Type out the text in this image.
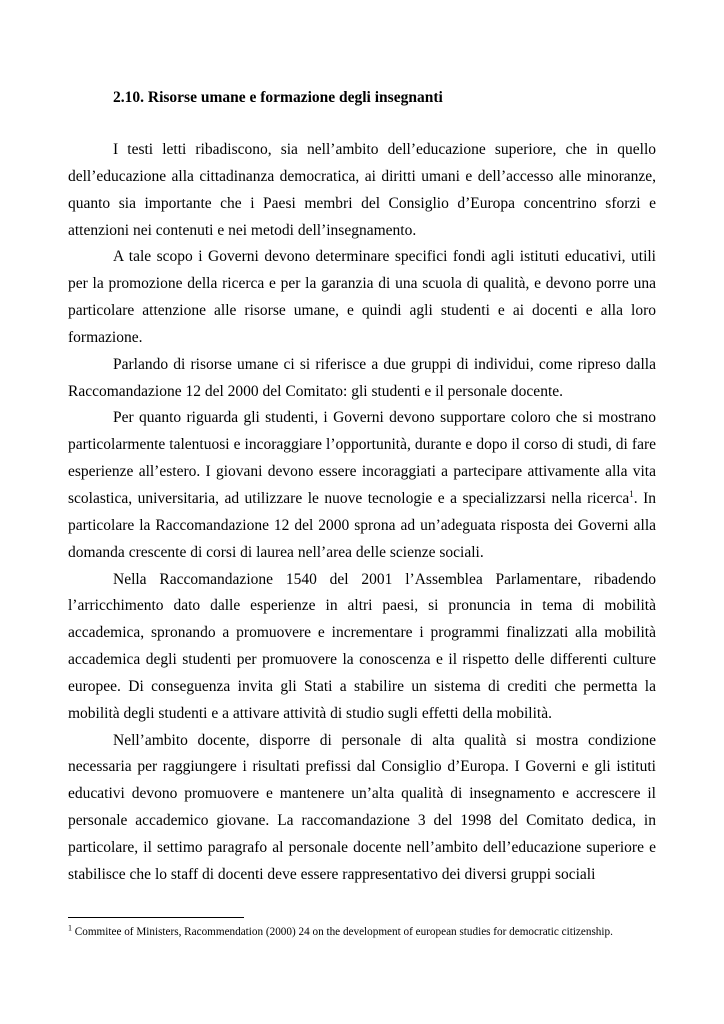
2.10. Risorse umane e formazione degli insegnanti

I testi letti ribadiscono, sia nell’ambito dell’educazione superiore, che in quello dell’educazione alla cittadinanza democratica, ai diritti umani e dell’accesso alle minoranze, quanto sia importante che i Paesi membri del Consiglio d’Europa concentrino sforzi e attenzioni nei contenuti e nei metodi dell’insegnamento.

A tale scopo i Governi devono determinare specifici fondi agli istituti educativi, utili per la promozione della ricerca e per la garanzia di una scuola di qualità, e devono porre una particolare attenzione alle risorse umane, e quindi agli studenti e ai docenti e alla loro formazione.

Parlando di risorse umane ci si riferisce a due gruppi di individui, come ripreso dalla Raccomandazione 12 del 2000 del Comitato: gli studenti e il personale docente.

Per quanto riguarda gli studenti, i Governi devono supportare coloro che si mostrano particolarmente talentuosi e incoraggiare l’opportunità, durante e dopo il corso di studi, di fare esperienze all’estero. I giovani devono essere incoraggiati a partecipare attivamente alla vita scolastica, universitaria, ad utilizzare le nuove tecnologie e a specializzarsi nella ricerca$^1$. In particolare la Raccomandazione 12 del 2000 sprona ad un’adeguata risposta dei Governi alla domanda crescente di corsi di laurea nell’area delle scienze sociali.

Nella Raccomandazione 1540 del 2001 l’Assemblea Parlamentare, ribadendo l’arricchimento dato dalle esperienze in altri paesi, si pronuncia in tema di mobilità accademica, spronando a promuovere e incrementare i programmi finalizzati alla mobilità accademica degli studenti per promuovere la conoscenza e il rispetto delle differenti culture europee. Di conseguenza invita gli Stati a stabilire un sistema di crediti che permetta la mobilità degli studenti e a attivare attività di studio sugli effetti della mobilità.

Nell’ambito docente, disporre di personale di alta qualità si mostra condizione necessaria per raggiungere i risultati prefissi dal Consiglio d’Europa. I Governi e gli istituti educativi devono promuovere e mantenere un’alta qualità di insegnamento e accrescere il personale accademico giovane. La raccomandazione 3 del 1998 del Comitato dedica, in particolare, il settimo paragrafo al personale docente nell’ambito dell’educazione superiore e stabilisce che lo staff di docenti deve essere rappresentativo dei diversi gruppi sociali

$^1$ Commitee of Ministers, Racommendation (2000) 24 on the development of european studies for democratic citizenship.
